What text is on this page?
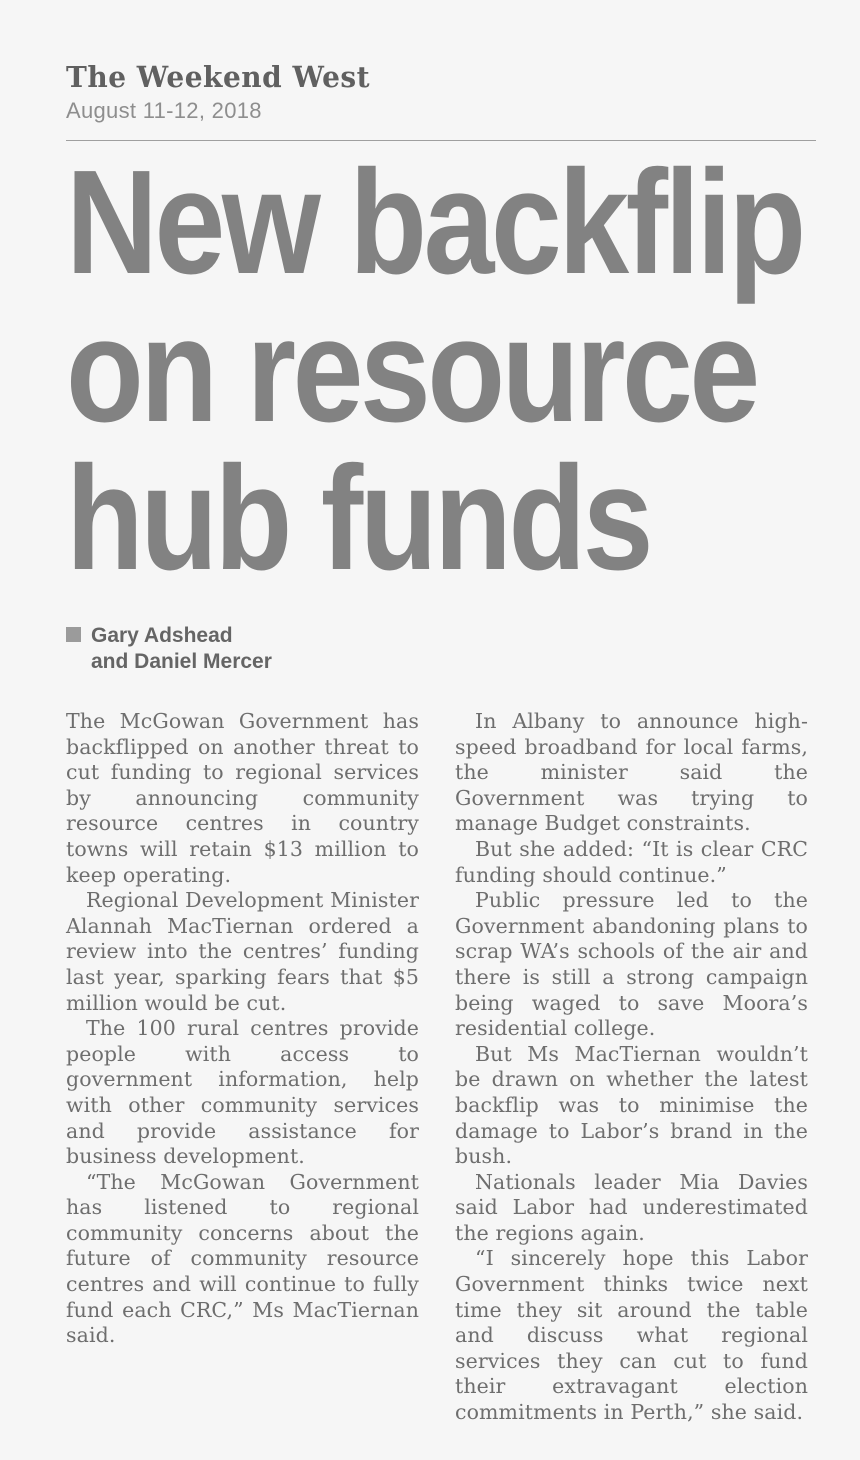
The Weekend West
August 11-12, 2018
New backflip
on resource
hub funds
Gary Adshead
and Daniel Mercer

The McGowan Government has backflipped on another threat to cut funding to regional services by announcing community resource centres in country towns will retain $13 million to keep operating.

Regional Development Minister Alannah MacTiernan ordered a review into the centres’ funding last year, sparking fears that $5 million would be cut.

The 100 rural centres provide people with access to government information, help with other community services and provide assistance for business development.

“The McGowan Government has listened to regional community concerns about the future of community resource centres and will continue to fully fund each CRC,” Ms MacTiernan said.

In Albany to announce high-speed broadband for local farms, the minister said the Government was trying to manage Budget constraints.

But she added: “It is clear CRC funding should continue.”

Public pressure led to the Government abandoning plans to scrap WA’s schools of the air and there is still a strong campaign being waged to save Moora’s residential college.

But Ms MacTiernan wouldn’t be drawn on whether the latest backflip was to minimise the damage to Labor’s brand in the bush.

Nationals leader Mia Davies said Labor had underestimated the regions again.

“I sincerely hope this Labor Government thinks twice next time they sit around the table and discuss what regional services they can cut to fund their extravagant election commitments in Perth,” she said.
